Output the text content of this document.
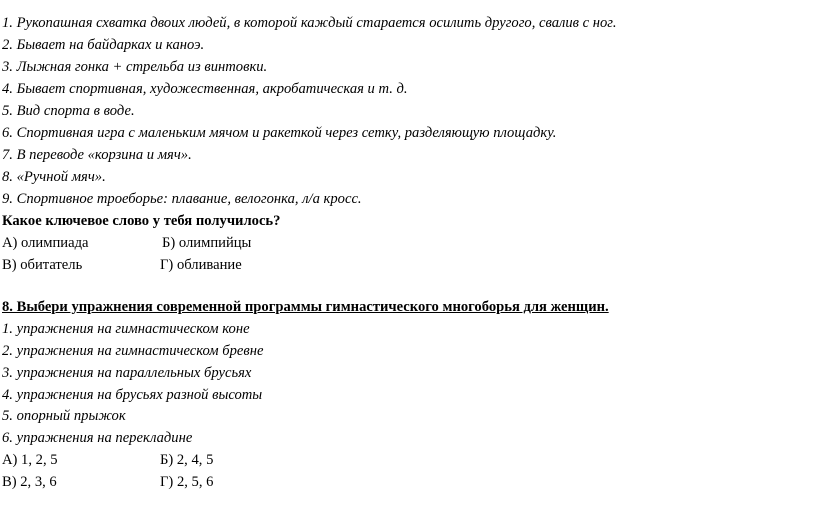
1. Рукопашная схватка двоих людей, в которой каждый старается осилить другого, свалив с ног.
2. Бывает на байдарках и каноэ.
3. Лыжная гонка + стрельба из винтовки.
4. Бывает спортивная, художественная, акробатическая и т. д.
5. Вид спорта в воде.
6. Спортивная игра с маленьким мячом и ракеткой через сетку, разделяющую площадку.
7. В переводе «корзина и мяч».
8. «Ручной мяч».
9. Спортивное троеборье: плавание, велогонка, л/а кросс.
Какое ключевое слово у тебя получилось?
А) олимпиада	Б) олимпийцы
В) обитатель	Г) обливание
8. Выбери упражнения современной программы гимнастического многоборья для женщин.
1. упражнения на гимнастическом коне
2. упражнения на гимнастическом бревне
3. упражнения на параллельных брусьях
4. упражнения на брусьях разной высоты
5. опорный прыжок
6. упражнения на перекладине
А) 1, 2, 5	Б) 2, 4, 5
В) 2, 3, 6	Г) 2, 5, 6
